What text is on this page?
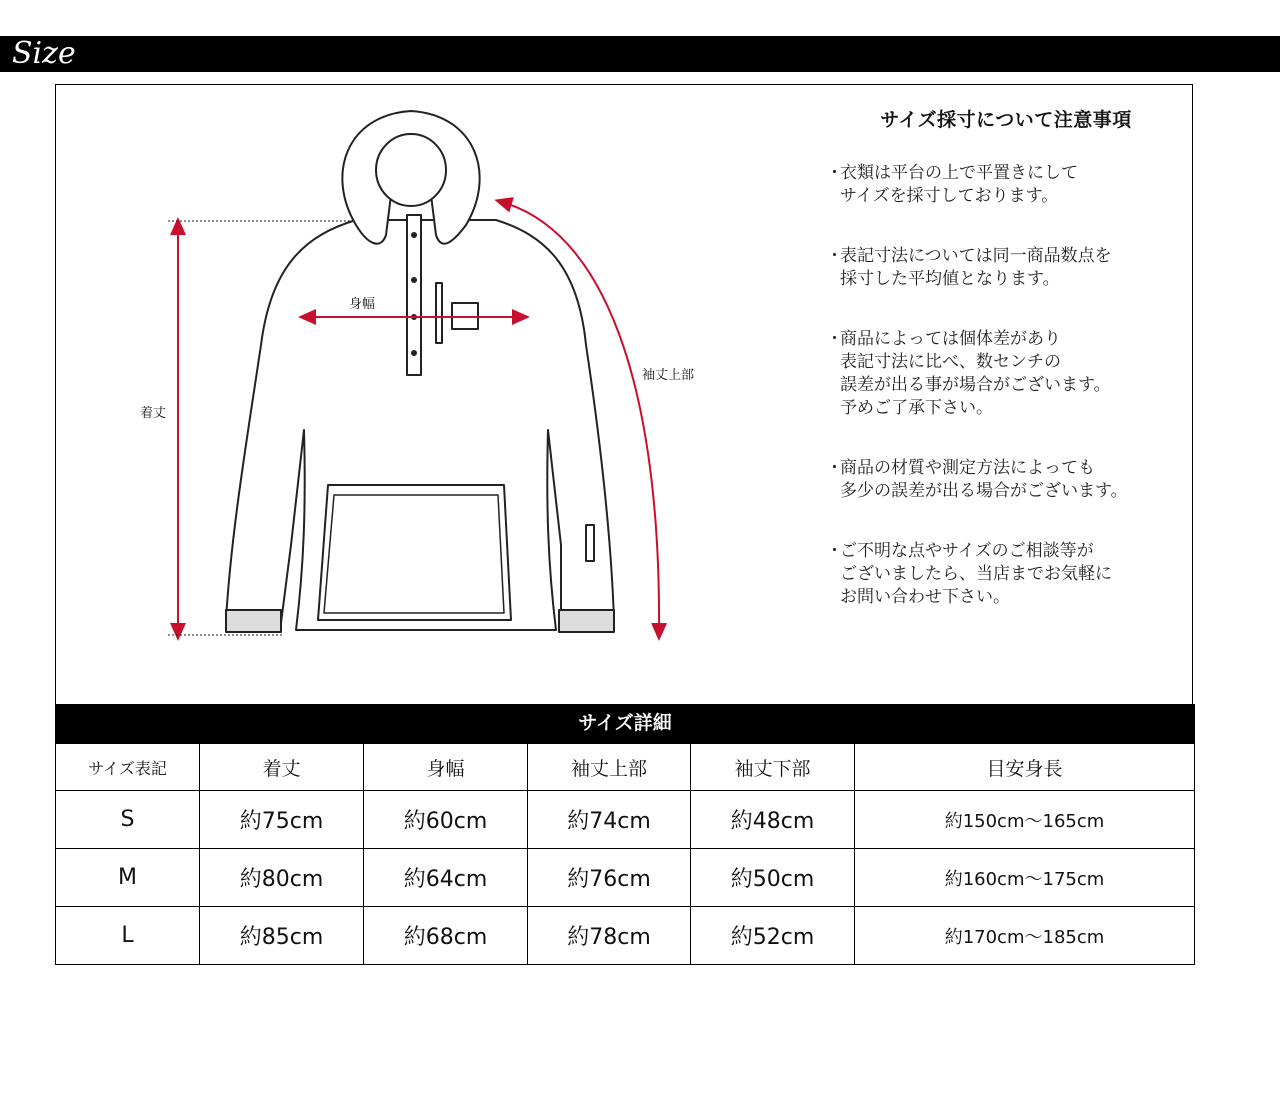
Size
着丈
身幅
袖丈上部
サイズ採寸について注意事項
・
衣類は平台の上で平置きにして
サイズを採寸しております。
・
表記寸法については同一商品数点を
採寸した平均値となります。
・
商品によっては個体差があり
表記寸法に比べ、数センチの
誤差が出る事が場合がございます。
予めご了承下さい。
・
商品の材質や測定方法によっても
多少の誤差が出る場合がございます。
・
ご不明な点やサイズのご相談等が
ございましたら、当店までお気軽に
お問い合わせ下さい。
サイズ詳細
サイズ表記	着丈	身幅	袖丈上部	袖丈下部	目安身長
S	約75cm	約60cm	約74cm	約48cm	約150cm～165cm
M	約80cm	約64cm	約76cm	約50cm	約160cm～175cm
L	約85cm	約68cm	約78cm	約52cm	約170cm～185cm
